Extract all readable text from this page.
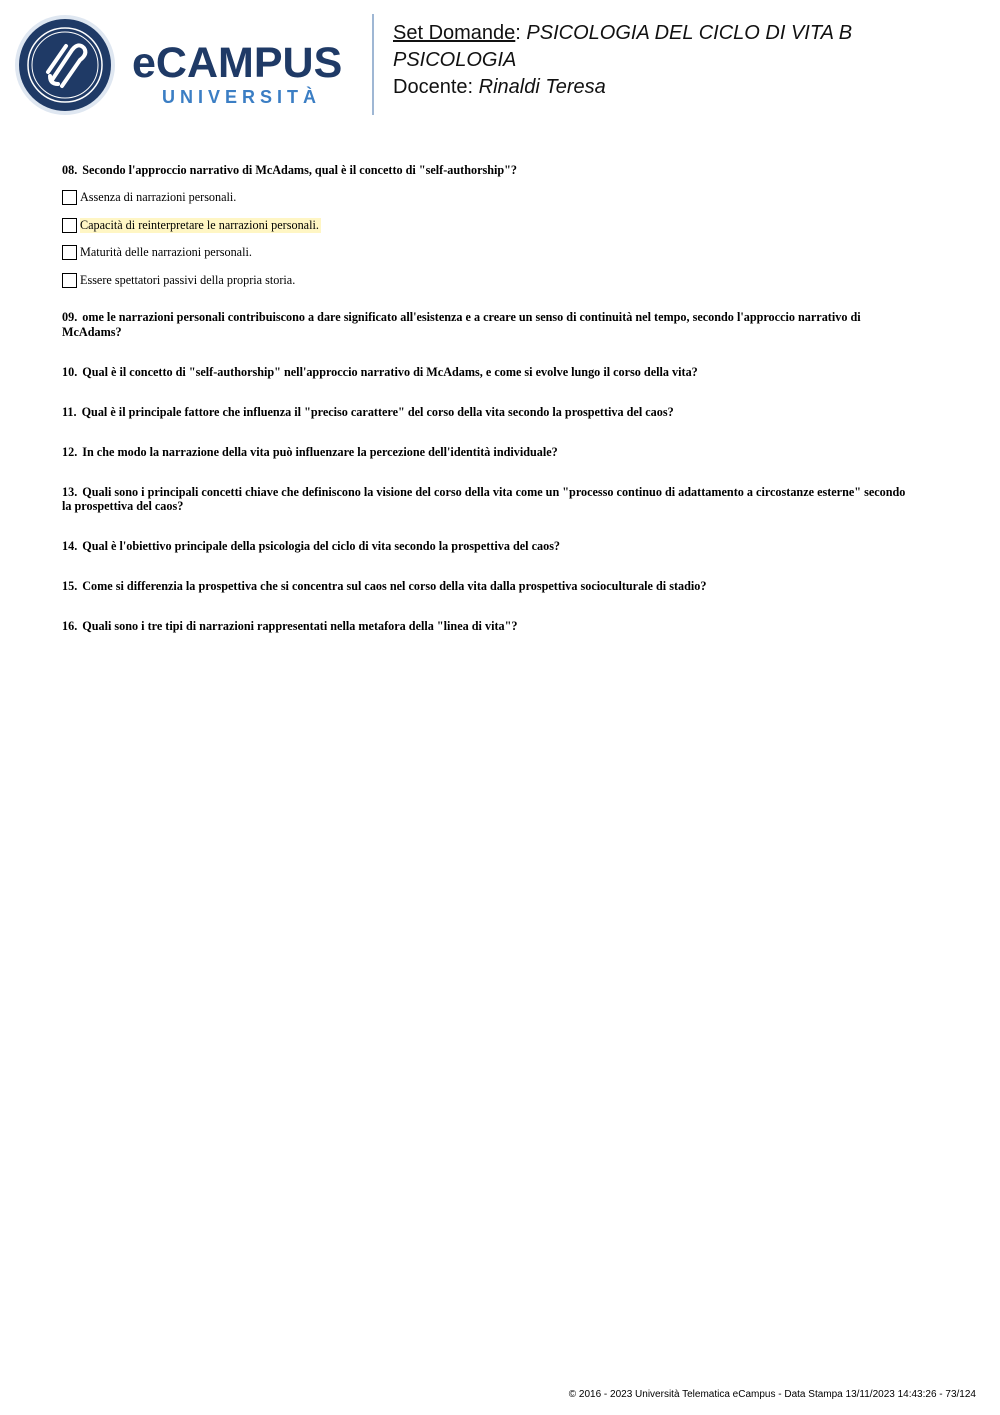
eCAMPUS
UNIVERSITÀ
Set Domande: PSICOLOGIA DEL CICLO DI VITA B
PSICOLOGIA
Docente: Rinaldi Teresa
08. Secondo l'approccio narrativo di McAdams, qual è il concetto di "self-authorship"?
Assenza di narrazioni personali.
Capacità di reinterpretare le narrazioni personali.
Maturità delle narrazioni personali.
Essere spettatori passivi della propria storia.
09. ome le narrazioni personali contribuiscono a dare significato all'esistenza e a creare un senso di continuità nel tempo, secondo l'approccio narrativo di McAdams?
10. Qual è il concetto di "self-authorship" nell'approccio narrativo di McAdams, e come si evolve lungo il corso della vita?
11. Qual è il principale fattore che influenza il "preciso carattere" del corso della vita secondo la prospettiva del caos?
12. In che modo la narrazione della vita può influenzare la percezione dell'identità individuale?
13. Quali sono i principali concetti chiave che definiscono la visione del corso della vita come un "processo continuo di adattamento a circostanze esterne" secondo la prospettiva del caos?
14. Qual è l'obiettivo principale della psicologia del ciclo di vita secondo la prospettiva del caos?
15. Come si differenzia la prospettiva che si concentra sul caos nel corso della vita dalla prospettiva socioculturale di stadio?
16. Quali sono i tre tipi di narrazioni rappresentati nella metafora della "linea di vita"?
© 2016 - 2023 Università Telematica eCampus - Data Stampa 13/11/2023 14:43:26 - 73/124
